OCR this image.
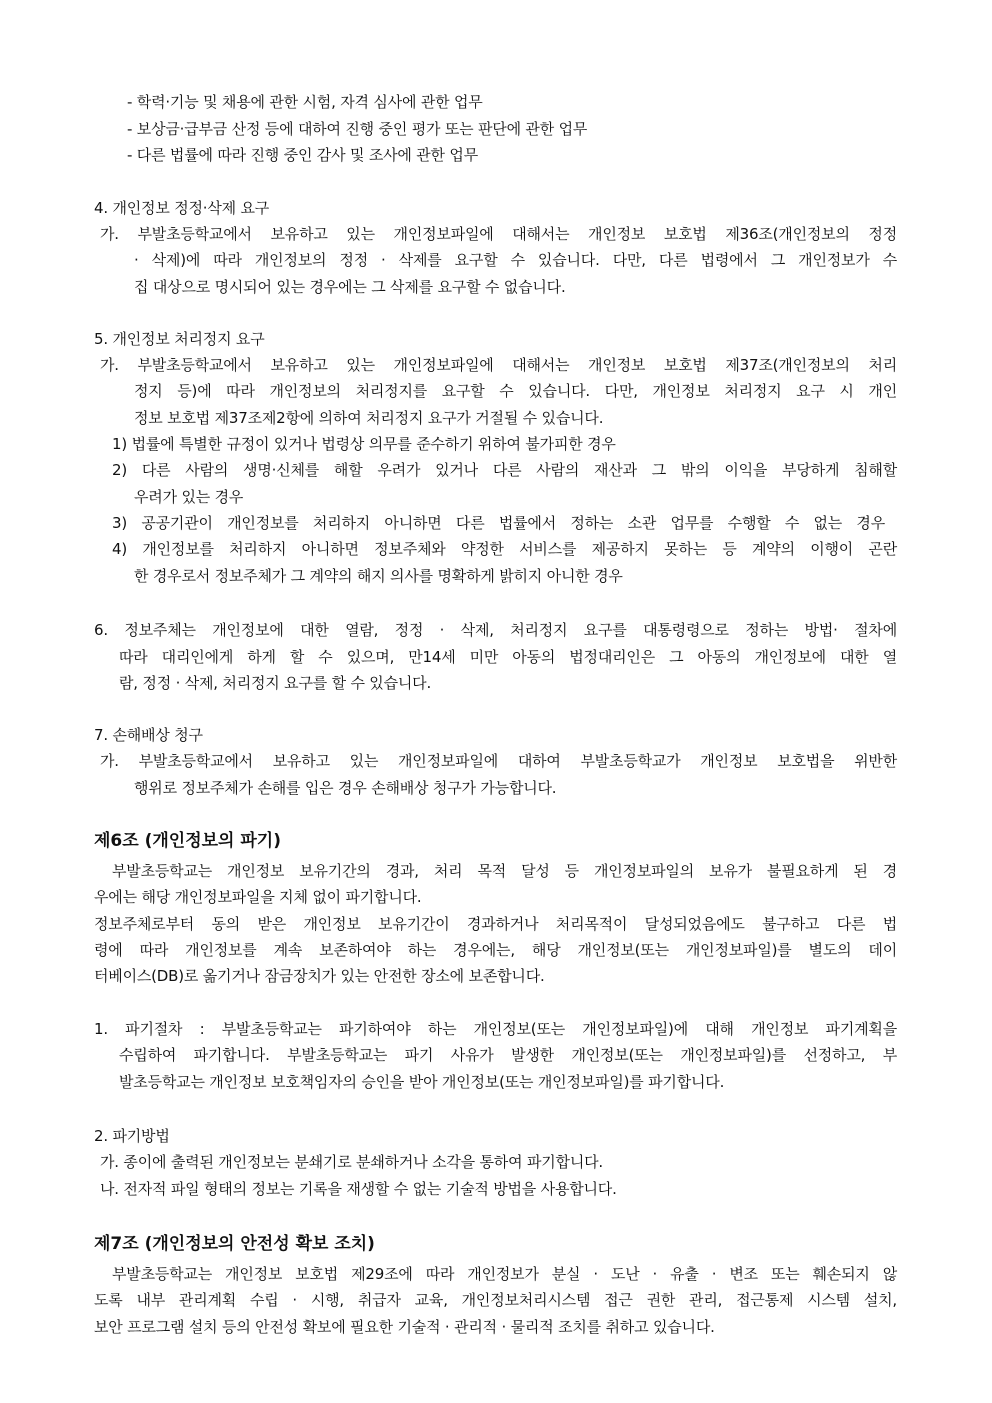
- 학력·기능 및 채용에 관한 시험, 자격 심사에 관한 업무
- 보상금·급부금 산정 등에 대하여 진행 중인 평가 또는 판단에 관한 업무
- 다른 법률에 따라 진행 중인 감사 및 조사에 관한 업무
4. 개인정보 정정·삭제 요구
가. 부발초등학교에서 보유하고 있는 개인정보파일에 대해서는 개인정보 보호법 제36조(개인정보의 정정
· 삭제)에 따라 개인정보의 정정 · 삭제를 요구할 수 있습니다. 다만, 다른 법령에서 그 개인정보가 수
집 대상으로 명시되어 있는 경우에는 그 삭제를 요구할 수 없습니다.
5. 개인정보 처리정지 요구
가. 부발초등학교에서 보유하고 있는 개인정보파일에 대해서는 개인정보 보호법 제37조(개인정보의 처리
정지 등)에 따라 개인정보의 처리정지를 요구할 수 있습니다. 다만, 개인정보 처리정지 요구 시 개인
정보 보호법 제37조제2항에 의하여 처리정지 요구가 거절될 수 있습니다.
1) 법률에 특별한 규정이 있거나 법령상 의무를 준수하기 위하여 불가피한 경우
2) 다른 사람의 생명·신체를 해할 우려가 있거나 다른 사람의 재산과 그 밖의 이익을 부당하게 침해할
우려가 있는 경우
3) 공공기관이 개인정보를 처리하지 아니하면 다른 법률에서 정하는 소관 업무를 수행할 수 없는 경우
4) 개인정보를 처리하지 아니하면 정보주체와 약정한 서비스를 제공하지 못하는 등 계약의 이행이 곤란
한 경우로서 정보주체가 그 계약의 해지 의사를 명확하게 밝히지 아니한 경우
6. 정보주체는 개인정보에 대한 열람, 정정 · 삭제, 처리정지 요구를 대통령령으로 정하는 방법· 절차에
따라 대리인에게 하게 할 수 있으며, 만14세 미만 아동의 법정대리인은 그 아동의 개인정보에 대한 열
람, 정정 · 삭제, 처리정지 요구를 할 수 있습니다.
7. 손해배상 청구
가. 부발초등학교에서 보유하고 있는 개인정보파일에 대하여 부발초등학교가 개인정보 보호법을 위반한
행위로 정보주체가 손해를 입은 경우 손해배상 청구가 가능합니다.
제6조 (개인정보의 파기)
부발초등학교는 개인정보 보유기간의 경과, 처리 목적 달성 등 개인정보파일의 보유가 불필요하게 된 경
우에는 해당 개인정보파일을 지체 없이 파기합니다.
정보주체로부터 동의 받은 개인정보 보유기간이 경과하거나 처리목적이 달성되었음에도 불구하고 다른 법
령에 따라 개인정보를 계속 보존하여야 하는 경우에는, 해당 개인정보(또는 개인정보파일)를 별도의 데이
터베이스(DB)로 옮기거나 잠금장치가 있는 안전한 장소에 보존합니다.
1. 파기절차 : 부발초등학교는 파기하여야 하는 개인정보(또는 개인정보파일)에 대해 개인정보 파기계획을
수립하여 파기합니다. 부발초등학교는 파기 사유가 발생한 개인정보(또는 개인정보파일)를 선정하고, 부
발초등학교는 개인정보 보호책임자의 승인을 받아 개인정보(또는 개인정보파일)를 파기합니다.
2. 파기방법
가. 종이에 출력된 개인정보는 분쇄기로 분쇄하거나 소각을 통하여 파기합니다.
나. 전자적 파일 형태의 정보는 기록을 재생할 수 없는 기술적 방법을 사용합니다.
제7조 (개인정보의 안전성 확보 조치)
부발초등학교는 개인정보 보호법 제29조에 따라 개인정보가 분실 · 도난 · 유출 · 변조 또는 훼손되지 않
도록 내부 관리계획 수립 · 시행, 취급자 교육, 개인정보처리시스템 접근 권한 관리, 접근통제 시스템 설치,
보안 프로그램 설치 등의 안전성 확보에 필요한 기술적 · 관리적 · 물리적 조치를 취하고 있습니다.
